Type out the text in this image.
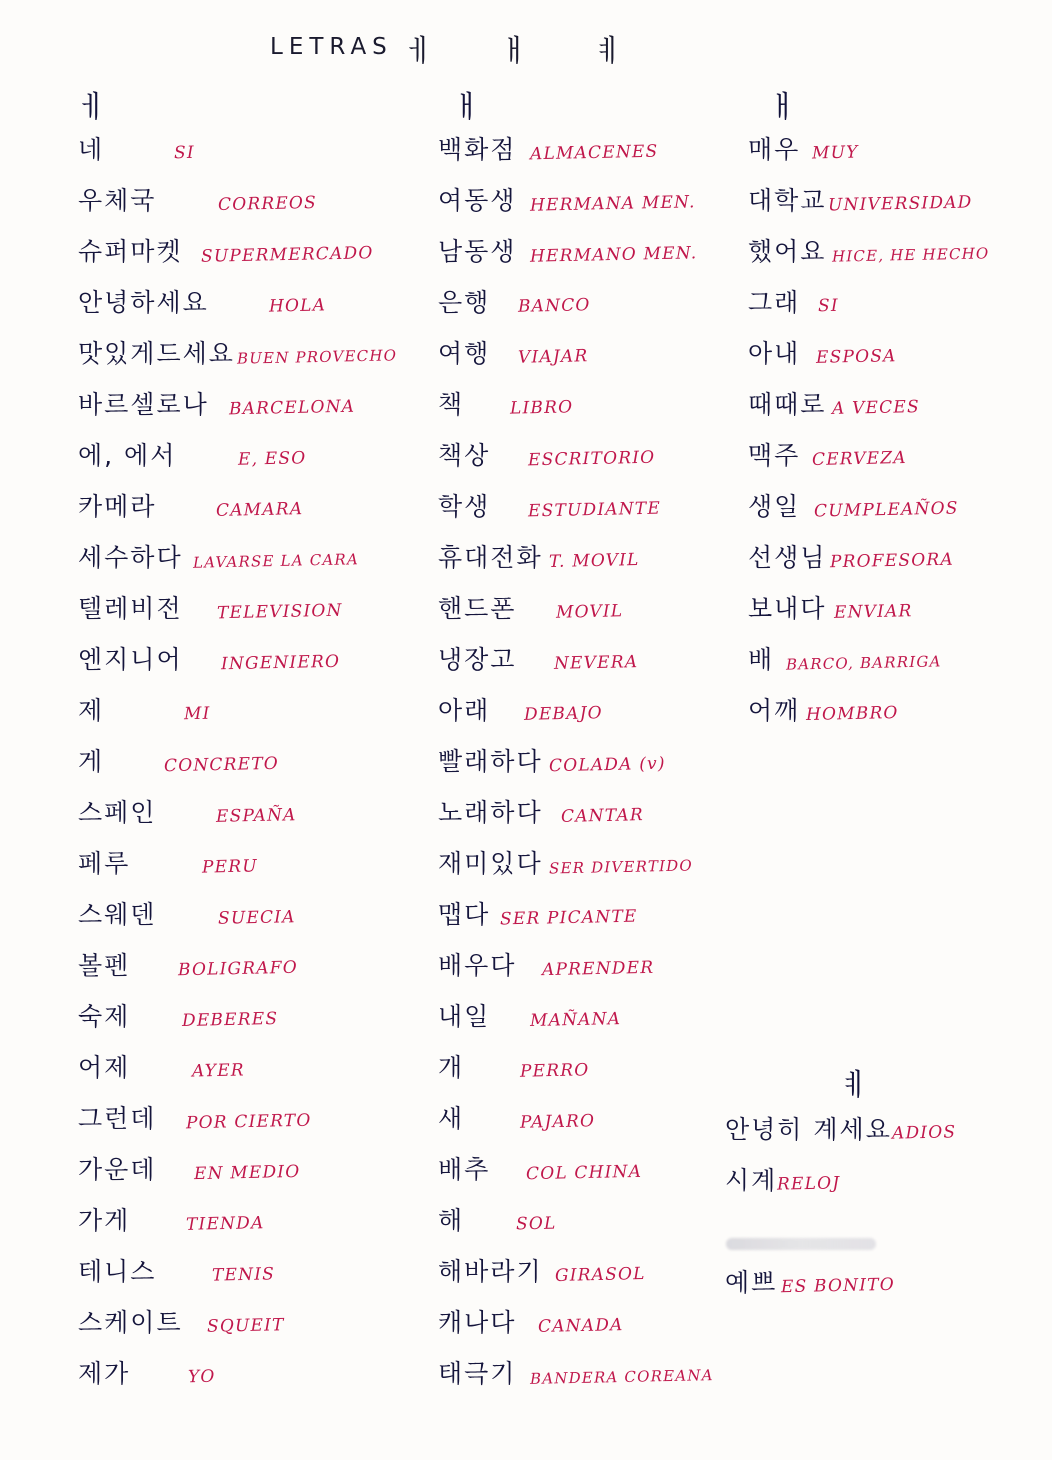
LETRAS ㅔ ㅐ ㅖ
ㅔ	ㅐ	ㅐ
ㅖ
네	SI
우체국	CORREOS
슈퍼마켓 SUPERMERCADO
안녕하세요	HOLA
맛있게드세요 BUEN PROVECHO
바르셀로나 BARCELONA
에, 에서	E, ESO
카메라	CAMARA
세수하다 LAVARSE LA CARA
텔레비전 TELEVISION
엔지니어 INGENIERO
제	MI
게	CONCRETO
스페인	ESPAÑA
페루	PERU
스웨덴	SUECIA
볼펜	BOLIGRAFO
숙제	DEBERES
어제	AYER
그런데 POR CIERTO
가운데 EN MEDIO
가게	TIENDA
테니스	TENIS
스케이트 SQUEIT
제가	YO
백화점 ALMACENES
여동생 HERMANA MEN.
남동생 HERMANO MEN.
은행 BANCO
여행 VIAJAR
책	LIBRO
책상 ESCRITORIO
학생 ESTUDIANTE
휴대전화 T. MOVIL
핸드폰 MOVIL
냉장고 NEVERA
아래 DEBAJO
빨래하다 COLADA (v)
노래하다 CANTAR
재미있다 SER DIVERTIDO
맵다 SER PICANTE
배우다 APRENDER
내일 MAÑANA
개	PERRO
새	PAJARO
배추 COL CHINA
해	SOL
해바라기 GIRASOL
캐나다 CANADA
태극기 BANDERA COREANA
매우 MUY
대학교 UNIVERSIDAD
했어요 HICE, HE HECHO
그래 SI
아내 ESPOSA
때때로 A VECES
맥주 CERVEZA
생일 CUMPLEAÑOS
선생님 PROFESORA
보내다 ENVIAR
배 BARCO, BARRIGA
어깨 HOMBRO
안녕히 계세요ADIOS
시계RELOJ
예쁘 ES BONITO
